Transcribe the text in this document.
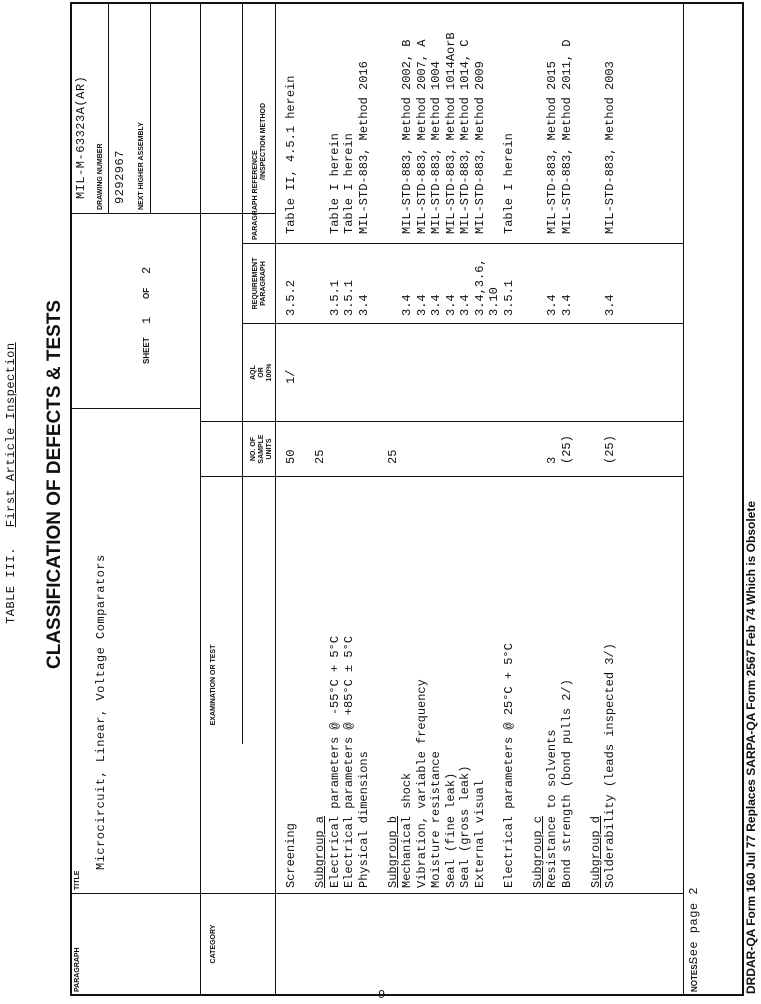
TABLE III. First Article Inspection CLASSIFICATION OF DEFECTS & TESTS
PARAGRAPH
TITLE
Microcircuit, Linear, Voltage Comparators
SHEET
1
OF
2
MIL-M-63323A(AR) DRAWING NUMBER 9292967 NEXT HIGHER ASSEMBLY
CATEGORY
EXAMINATION OR TEST
NO. OF SAMPLE UNITS
AQL OR 100%
REQUIREMENT PARAGRAPH
PARAGRAPH REFERENCE
/INSPECTION METHOD
Screening
50
1/
3.5.2
Table II, 4.5.1 herein
Subgroup a
25
Electrical parameters @ -55°C + 5°C
3.5.1
Table I herein
Electrical parameters @ +85°C ± 5°C
3.5.1
Table I herein
Physical dimensions
3.4
MIL-STD-883, Method 2016
Subgroup b
25
Mechanical shock
3.4
MIL-STD-883, Method 2002, B
Vibration, variable frequency
3.4
MIL-STD-883, Method 2007, A
Moisture resistance
3.4
MIL-STD-883, Method 1004
Seal (fine leak)
3.4
MIL-STD-883, Method 1014AorB
Seal (gross leak)
3.4
MIL-STD-883, Method 1014, C
External visual
3.4,3.6,
MIL-STD-883, Method 2009
3.10
Electrical parameters @ 25°C + 5°C
3.5.1
Table I herein
Subgroup c Resistance to solvents
3
3.4
MIL-STD-883, Method 2015
Bond strength (bond pulls 2/)
(25)
3.4
MIL-STD-883, Method 2011, D
Subgroup d Solderability (leads inspected 3/)
(25)
3.4
MIL-STD-883, Method 2003
NOTES:
See page 2	DRDAR-QA Form 160 Jul 77 Replaces SARPA-QA Form 2567 Feb 74 Which is Obsolete
9
